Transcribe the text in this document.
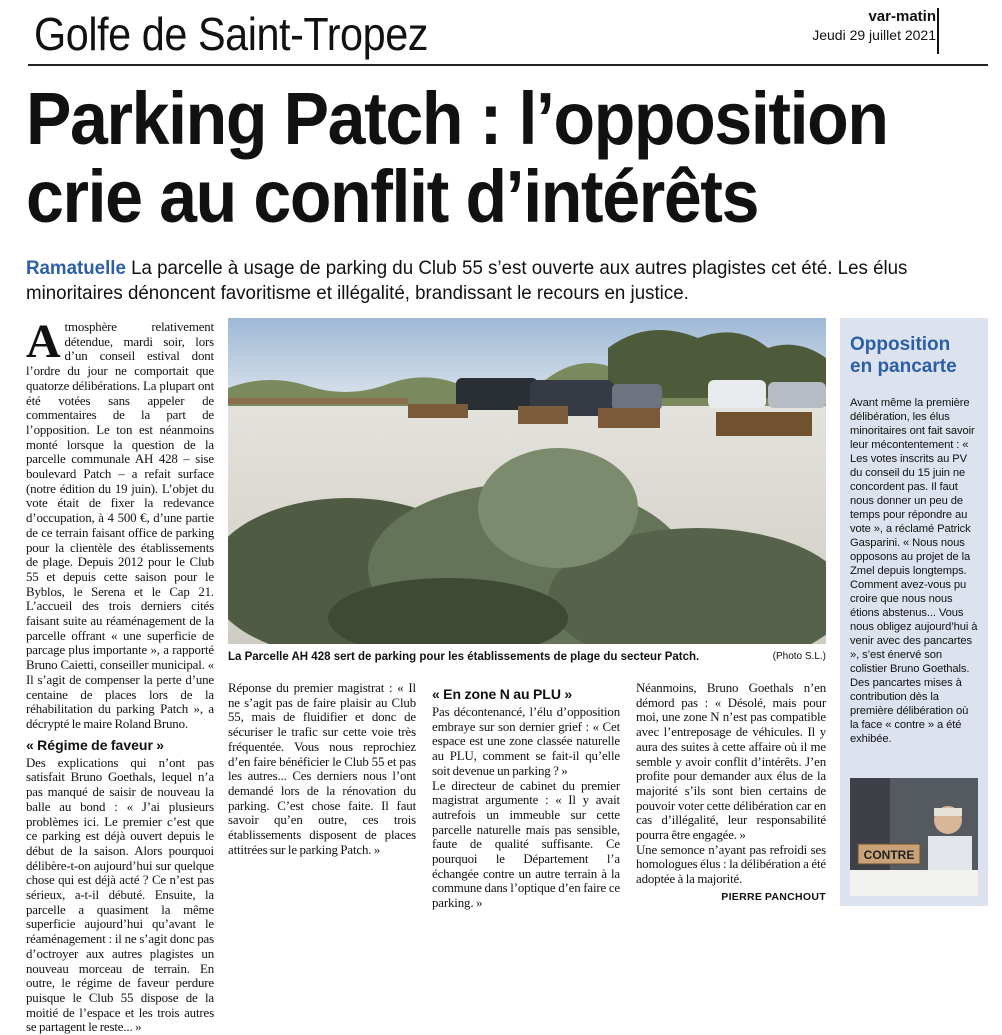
Golfe de Saint-Tropez	var-matin
Jeudi 29 juillet 2021
Parking Patch : l’opposition
crie au conflit d’intérêts
Ramatuelle La parcelle à usage de parking du Club 55 s’est ouverte aux autres plagistes cet été. Les élus minoritaires dénoncent favoritisme et illégalité, brandissant le recours en justice.
La Parcelle AH 428 sert de parking pour les établissements de plage du secteur Patch.	(Photo S.L.)

Atmosphère relativement détendue, mardi soir, lors d’un conseil estival dont l’ordre du jour ne comportait que quatorze délibérations. La plupart ont été votées sans appeler de commentaires de la part de l’opposition. Le ton est néanmoins monté lorsque la question de la parcelle communale AH 428 – sise boulevard Patch – a refait surface (notre édition du 19 juin). L’objet du vote était de fixer la redevance d’occupation, à 4 500 €, d’une partie de ce terrain faisant office de parking pour la clientèle des établissements de plage. Depuis 2012 pour le Club 55 et depuis cette saison pour le Byblos, le Serena et le Cap 21. L’accueil des trois derniers cités faisant suite au réaménagement de la parcelle offrant « une superficie de parcage plus importante », a rapporté Bruno Caietti, conseiller municipal. « Il s’agit de compenser la perte d’une centaine de places lors de la réhabilitation du parking Patch », a décrypté le maire Roland Bruno.

« Régime de faveur »

Des explications qui n’ont pas satisfait Bruno Goethals, lequel n’a pas manqué de saisir de nouveau la balle au bond : « J’ai plusieurs problèmes ici. Le premier c’est que ce parking est déjà ouvert depuis le début de la saison. Alors pourquoi délibère-t-on aujourd’hui sur quelque chose qui est déjà acté ? Ce n’est pas sérieux, a-t-il débuté. Ensuite, la parcelle a quasiment la même superficie aujourd’hui qu’avant le réaménagement : il ne s’agit donc pas d’octroyer aux autres plagistes un nouveau morceau de terrain. En outre, le régime de faveur perdure puisque le Club 55 dispose de la moitié de l’espace et les trois autres se partagent le reste... »

Réponse du premier magistrat : « Il ne s’agit pas de faire plaisir au Club 55, mais de fluidifier et donc de sécuriser le trafic sur cette voie très fréquentée. Vous nous reprochiez d’en faire bénéficier le Club 55 et pas les autres... Ces derniers nous l’ont demandé lors de la rénovation du parking. C’est chose faite. Il faut savoir qu’en outre, ces trois établissements disposent de places attitrées sur le parking Patch. »

« En zone N au PLU »

Pas décontenancé, l’élu d’opposition embraye sur son dernier grief : « Cet espace est une zone classée naturelle au PLU, comment se fait-il qu’elle soit devenue un parking ? »

Le directeur de cabinet du premier magistrat argumente : « Il y avait autrefois un immeuble sur cette parcelle naturelle mais pas sensible, faute de qualité suffisante. Ce pourquoi le Département l’a échangée contre un autre terrain à la commune dans l’optique d’en faire ce parking. »

Néanmoins, Bruno Goethals n’en démord pas : « Désolé, mais pour moi, une zone N n’est pas compatible avec l’entreposage de véhicules. Il y aura des suites à cette affaire où il me semble y avoir conflit d’intérêts. J’en profite pour demander aux élus de la majorité s’ils sont bien certains de pouvoir voter cette délibération car en cas d’illégalité, leur responsabilité pourra être engagée. »

Une semonce n’ayant pas refroidi ses homologues élus : la délibération a été adoptée à la majorité.

PIERRE PANCHOUT
Opposition
en pancarte
Avant même la première délibération, les élus minoritaires ont fait savoir leur mécontentement : « Les votes inscrits au PV du conseil du 15 juin ne concordent pas. Il faut nous donner un peu de temps pour répondre au vote », a réclamé Patrick Gasparini. « Nous nous opposons au projet de la Zmel depuis longtemps. Comment avez-vous pu croire que nous nous étions abstenus... Vous nous obligez aujourd’hui à venir avec des pancartes », s’est énervé son colistier Bruno Goethals. Des pancartes mises à contribution dès la première délibération où la face « contre » a été exhibée.
CONTRE
